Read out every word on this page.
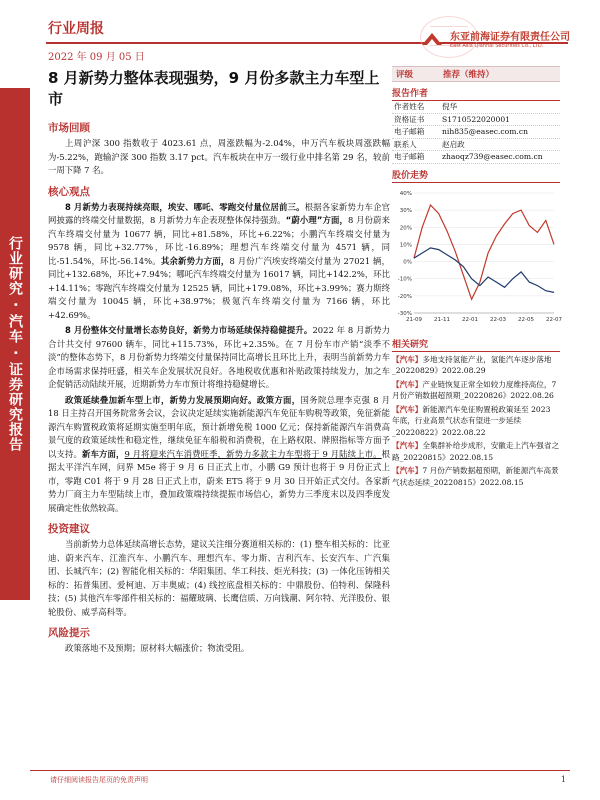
行业研究 · 汽车 · 证券研究报告
行业周报
2022 年 09 月 05 日
东亚前海证券有限责任公司
East Asia Qianhai Securities Co., LTD.
8 月新势力整体表现强势，9 月份多款主力车型上市
市场回顾

上周沪深 300 指数收于 4023.61 点，周涨跌幅为-2.04%，申万汽车板块周涨跌幅为-5.22%，跑输沪深 300 指数 3.17 pct。汽车板块在申万一级行业中排名第 29 名，较前一周下降 7 名。

核心观点

8 月新势力表现持续亮眼，埃安、哪吒、零跑交付量位居前三。根据各家新势力车企官网披露的终端交付量数据，8 月新势力车企表现整体保持强劲。“蔚小理”方面，8 月份蔚来汽车终端交付量为 10677 辆，同比+81.58%，环比+6.22%；小鹏汽车终端交付量为 9578 辆，同比+32.77%，环比-16.89%；理想汽车终端交付量为 4571 辆，同比-51.54%，环比-56.14%。其余新势力方面，8 月份广汽埃安终端交付量为 27021 辆，同比+132.68%，环比+7.94%；哪吒汽车终端交付量为 16017 辆，同比+142.2%，环比+14.11%；零跑汽车终端交付量为 12525 辆，同比+179.08%，环比+3.99%；赛力斯终端交付量为 10045 辆，环比+38.97%；极氪汽车终端交付量为 7166 辆，环比+42.69%。

8 月份整体交付量增长态势良好，新势力市场延续保持稳健提升。2022 年 8 月新势力合计共交付 97600 辆车，同比+115.73%，环比+2.35%。在 7 月份车市产销“淡季不淡”的整体态势下，8 月份新势力终端交付量保持同比高增长且环比上升，表明当前新势力车企市场需求保持旺盛，相关车企发展状况良好。各地税收优惠和补贴政策持续发力，加之车企促销活动陆续开展，近期新势力车市预计将维持稳健增长。

政策延续叠加新车型上市，新势力发展预期向好。政策方面，国务院总理李克强 8 月 18 日主持召开国务院常务会议，会议决定延续实施新能源汽车免征车购税等政策，免征新能源汽车购置税政策将延期实施至明年底，预计新增免税 1000 亿元；保持新能源汽车消费高景气度的政策延续性和稳定性，继续免征车船税和消费税，在上路权限、牌照指标等方面予以支持。新车方面，9 月将迎来汽车消费旺季，新势力多款主力车型将于 9 月陆续上市。根据太平洋汽车网，问界 M5e 将于 9 月 6 日正式上市，小鹏 G9 预计也将于 9 月份正式上市，零跑 C01 将于 9 月 28 日正式上市，蔚来 ET5 将于 9 月 30 日开始正式交付。各家新势力厂商主力车型陆续上市，叠加政策端持续提振市场信心，新势力三季度末以及四季度发展确定性依然较高。

投资建议

当前新势力总体延续高增长态势，建议关注细分赛道相关标的：(1) 整车相关标的：比亚迪、蔚来汽车、江淮汽车、小鹏汽车、理想汽车、零力斯、吉利汽车、长安汽车、广汽集团、长城汽车；(2) 智能化相关标的：华阳集团、华工科技、炬光科技；(3) 一体化压铸相关标的：拓普集团、爱柯迪、万丰奥威；(4) 线控底盘相关标的：中鼎股份、伯特利、保隆科技；(5) 其他汽车零部件相关标的：福耀玻璃、长鹰信质、万向钱潮、阿尔特、光洋股份、银轮股份、威孚高科等。

风险提示

政策落地不及预期；原材料大幅涨价；物流受阻。

评级	推荐（维持）
报告作者
作者姓名	倪华
资格证书	S1710522020001
电子邮箱	nih835@easec.com.cn
联系人	赵启政
电子邮箱	zhaoqz739@easec.com.cn
股价走势
-30%
-20%
-10%
0%
10%
20%
30%
40%
21-09 21-11 22-01 22-03 22-05 22-07
相关研究
【汽车】多地支持氢能产业，氢能汽车逐步落地_20220829》2022.08.29
【汽车】产业链恢复正常全如较力度维持高位，7 月份产销数据超预期_20220826》2022.08.26
【汽车】新能源汽车免征购置税政策延至 2023 年底，行业高景气状态有望进一步延续_20220822》2022.08.22
【汽车】全集群补给步成形，安徽走上汽车强省之路_20220815》2022.08.15
【汽车】7 月份产销数据超预期，新能源汽车高景气状态延续_20220815》2022.08.15
请仔细阅读报告尾页的免责声明	1
